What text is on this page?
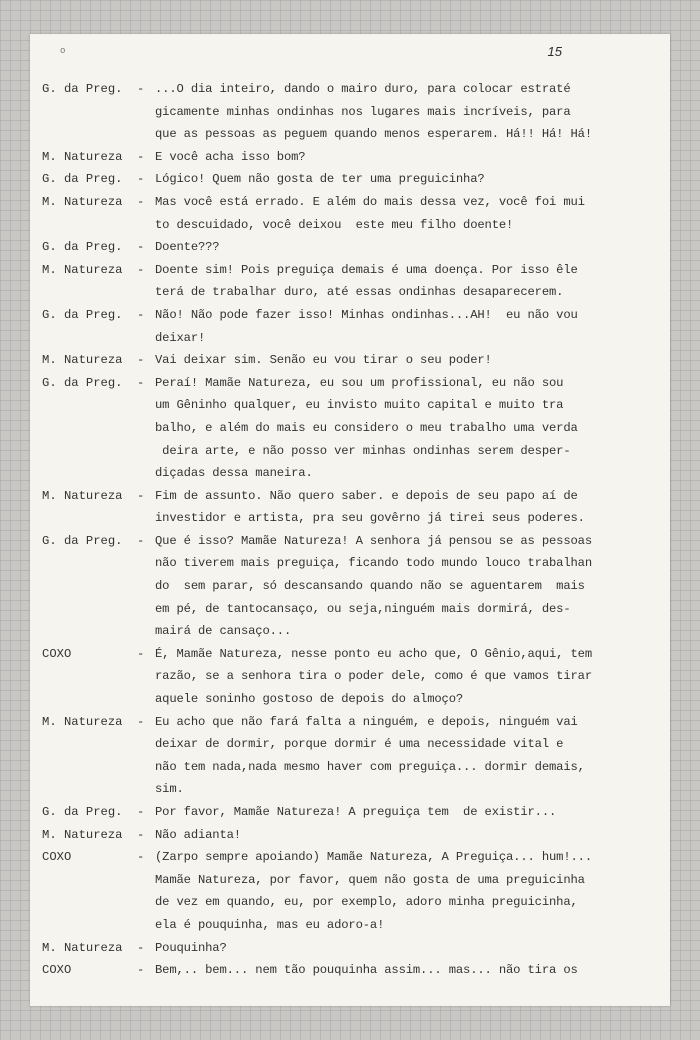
o	15
G. da Preg.	- ...O dia inteiro, dando o mairo duro, para colocar estraté
gicamente minhas ondinhas nos lugares mais incríveis, para
que as pessoas as peguem quando menos esperarem. Há!! Há! Há!
M. Natureza	- E você acha isso bom?
G. da Preg.	- Lógico! Quem não gosta de ter uma preguicinha?
M. Natureza	- Mas você está errado. E além do mais dessa vez, você foi mui
to descuidado, você deixou  este meu filho doente!
G. da Preg.	- Doente???
M. Natureza	- Doente sim! Pois preguiça demais é uma doença. Por isso êle
terá de trabalhar duro, até essas ondinhas desaparecerem.
G. da Preg.	- Não! Não pode fazer isso! Minhas ondinhas...AH!  eu não vou
deixar!
M. Natureza	- Vai deixar sim. Senão eu vou tirar o seu poder!
G. da Preg.	- Peraí! Mamãe Natureza, eu sou um profissional, eu não sou
um Gêninho qualquer, eu invisto muito capital e muito tra
balho, e além do mais eu considero o meu trabalho uma verda
deira arte, e não posso ver minhas ondinhas serem desper-
diçadas dessa maneira.
M. Natureza	- Fim de assunto. Não quero saber. e depois de seu papo aí de
investidor e artista, pra seu govêrno já tirei seus poderes.
G. da Preg.	- Que é isso? Mamãe Natureza! A senhora já pensou se as pessoas
não tiverem mais preguiça, ficando todo mundo louco trabalhan
do  sem parar, só descansando quando não se aguentarem  mais
em pé, de tantocansaço, ou seja,ninguém mais dormirá, des-
mairá de cansaço...
COXO	- É, Mamãe Natureza, nesse ponto eu acho que, O Gênio,aqui, tem
razão, se a senhora tira o poder dele, como é que vamos tirar
aquele soninho gostoso de depois do almoço?
M. Natureza	- Eu acho que não fará falta a ninguém, e depois, ninguém vai
deixar de dormir, porque dormir é uma necessidade vital e
não tem nada,nada mesmo haver com preguiça... dormir demais,
sim.
G. da Preg.	- Por favor, Mamãe Natureza! A preguiça tem  de existir...
M. Natureza	- Não adianta!
COXO	- (Zarpo sempre apoiando) Mamãe Natureza, A Preguiça... hum!...
Mamãe Natureza, por favor, quem não gosta de uma preguicinha
de vez em quando, eu, por exemplo, adoro minha preguicinha,
ela é pouquinha, mas eu adoro-a!
M. Natureza	- Pouquinha?
COXO	- Bem,.. bem... nem tão pouquinha assim... mas... não tira os
